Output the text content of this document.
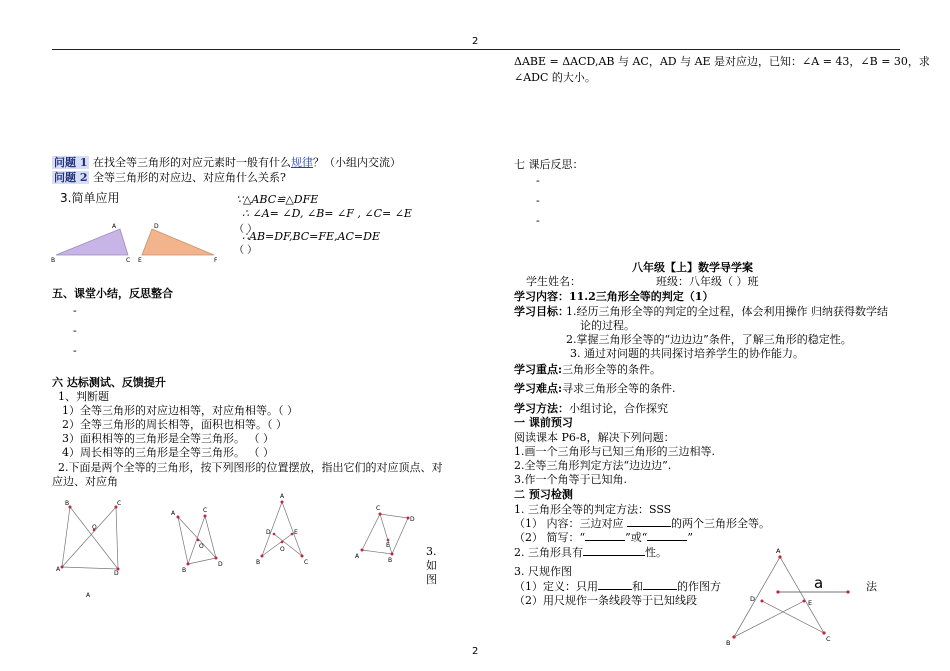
2
2
ΔABE = ΔACD,AB 与 AC，AD 与 AE 是对应边，已知：∠A = 43，∠B = 30，求
∠ADC 的大小。
问题 1 在找全等三角形的对应元素时一般有什么规律？（小组内交流）
问题 2 全等三角形的对应边、对应角什么关系?
3.简单应用	∵△ABC≌△DFE
∴ ∠A= ∠D, ∠B= ∠F , ∠C= ∠E
（ ）
∴AB=DF,BC=FE,AC=DE
（ ）
A
B	C
D
E	F
五、课堂小结，反思整合
-
-
-
六 达标测试、反馈提升
1、判断题
1）全等三角形的对应边相等，对应角相等。（ ）
2）全等三角形的周长相等，面积也相等。（ ）
3）面积相等的三角形是全等三角形。 （ ）
4）周长相等的三角形是全等三角形。 （ ）
2.下面是两个全等的三角形，按下列图形的位置摆放，指出它们的对应顶点、对
应边、对应角
B
A
C
D
O
A
A
B
C
D
O
A
B	C
D	E
O
A
C
B
D
E	3.
如
图
七 课后反思：
-
-
-
八年级【上】数学导学案
学生姓名：	班级：八年级（ ）班
学习内容：11.2三角形全等的判定（1）
学习目标：
1.经历三角形全等的判定的全过程，体会利用操作 归纳获得数学结
论的过程。
2.掌握三角形全等的“边边边”条件，了解三角形的稳定性。
3. 通过对问题的共同探讨培养学生的协作能力。
学习重点:三角形全等的条件。
学习难点:寻求三角形全等的条件.
学习方法：小组讨论，合作探究
一 课前预习
阅读课本 P6-8，解决下列问题：
1.画一个三角形与已知三角形的三边相等.
2.全等三角形判定方法“边边边”.
3.作一个角等于已知角.
二 预习检测
1. 三角形全等的判定方法：SSS
（1） 内容：三边对应	的两个三角形全等。
（2） 简写：“	”或“	”
2. 三角形具有	性。
3. 尺规作图
（1）定义：只用	和	的作图方
（2）用尺规作一条线段等于已知线段
a	法
A
B	C
D	E
